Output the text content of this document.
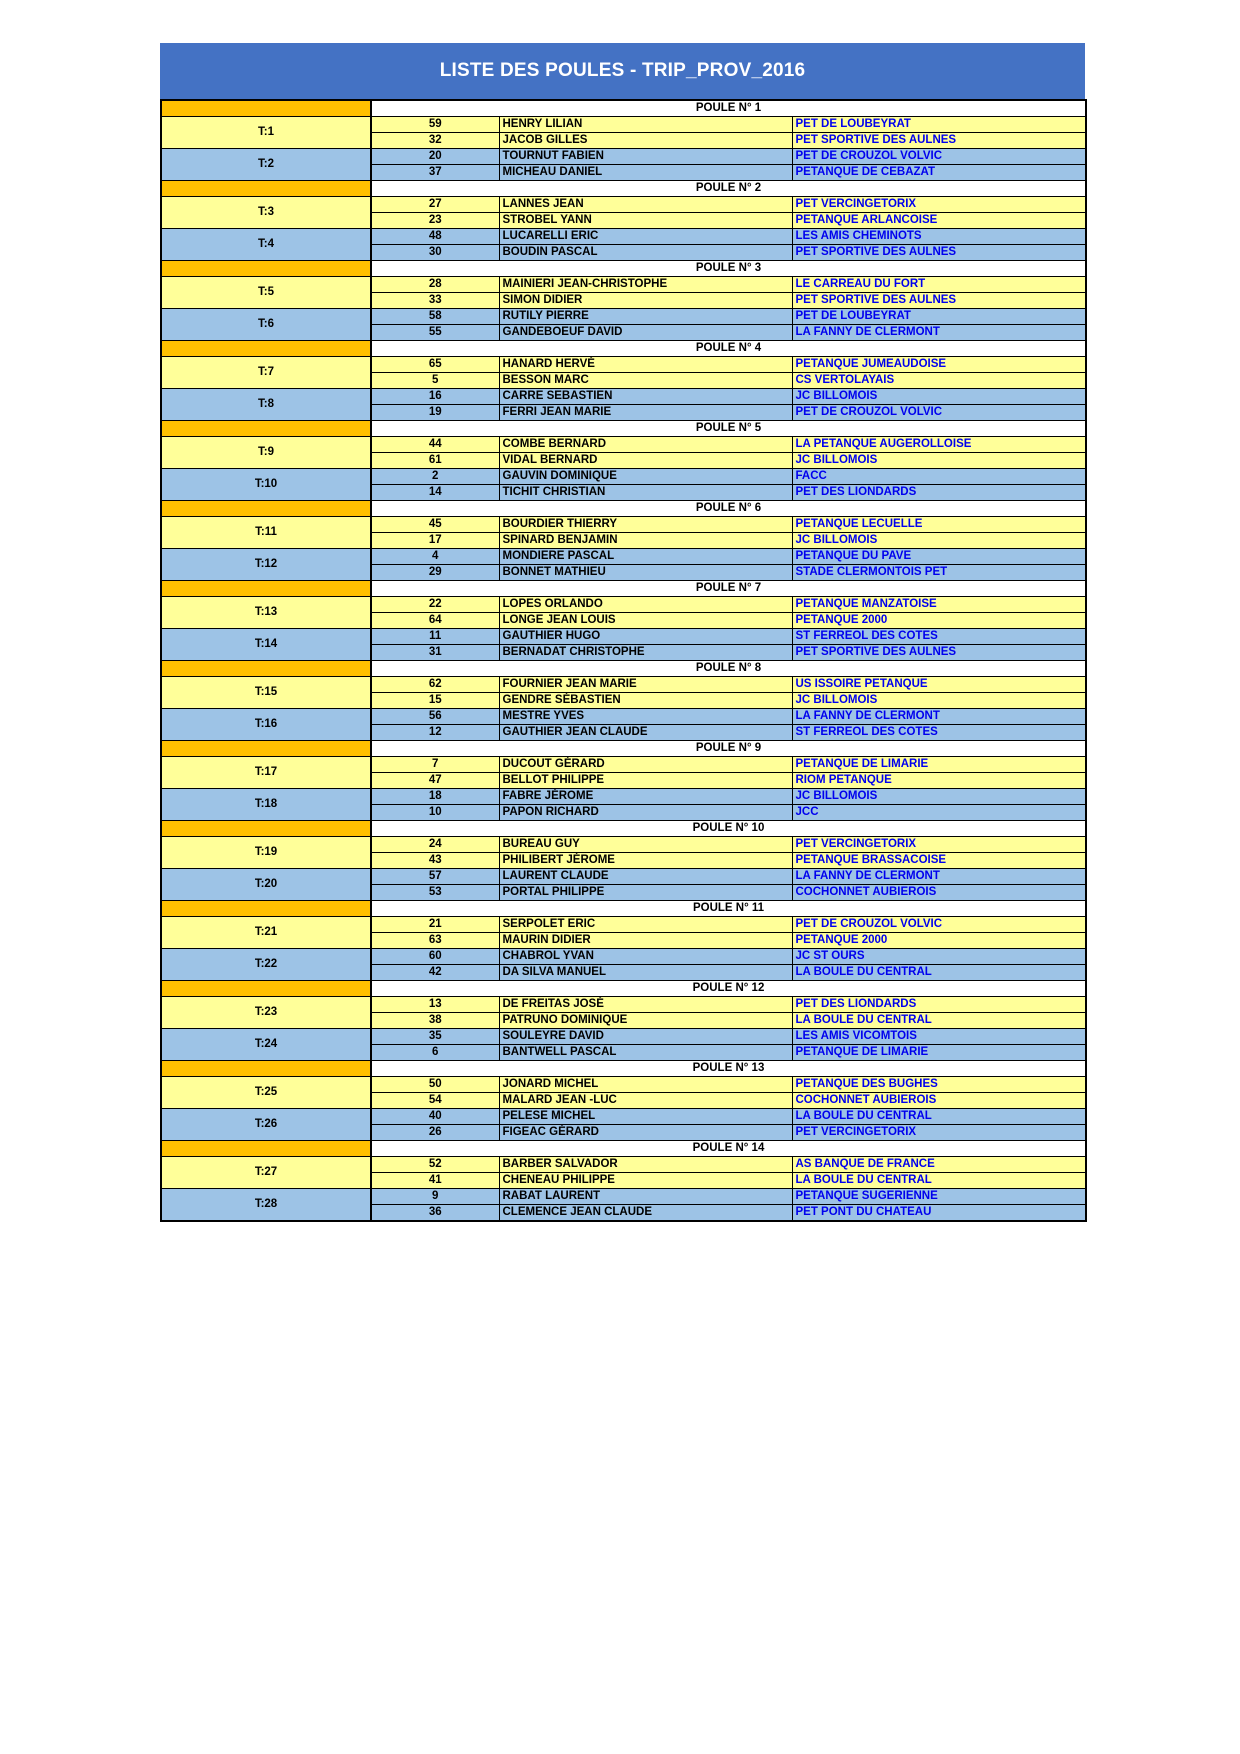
LISTE DES POULES - TRIP_PROV_2016
	POULE N° 1		
T:1	59	HENRY LILIAN	PET DE LOUBEYRAT
	32	JACOB GILLES	PET SPORTIVE DES AULNES
T:2	20	TOURNUT FABIEN	PET DE CROUZOL VOLVIC
	37	MICHEAU DANIEL	PETANQUE DE CEBAZAT
	POULE N° 2		
T:3	27	LANNES JEAN	PET VERCINGETORIX
	23	STROBEL YANN	PETANQUE ARLANCOISE
T:4	48	LUCARELLI ERIC	LES AMIS CHEMINOTS
	30	BOUDIN PASCAL	PET SPORTIVE DES AULNES
	POULE N° 3		
T:5	28	MAINIERI JEAN-CHRISTOPHE	LE CARREAU DU FORT
	33	SIMON DIDIER	PET SPORTIVE DES AULNES
T:6	58	RUTILY PIERRE	PET DE LOUBEYRAT
	55	GANDEBOEUF DAVID	LA FANNY DE CLERMONT
	POULE N° 4		
T:7	65	HANARD HERVÉ	PETANQUE JUMEAUDOISE
	5	BESSON MARC	CS VERTOLAYAIS
T:8	16	CARRE SEBASTIEN	JC BILLOMOIS
	19	FERRI JEAN MARIE	PET DE CROUZOL VOLVIC
	POULE N° 5		
T:9	44	COMBE BERNARD	LA PETANQUE AUGEROLLOISE
	61	VIDAL BERNARD	JC BILLOMOIS
T:10	2	GAUVIN DOMINIQUE	FACC
	14	TICHIT CHRISTIAN	PET DES LIONDARDS
	POULE N° 6		
T:11	45	BOURDIER THIERRY	PETANQUE LECUELLE
	17	SPINARD BENJAMIN	JC BILLOMOIS
T:12	4	MONDIERE PASCAL	PETANQUE DU PAVE
	29	BONNET MATHIEU	STADE CLERMONTOIS PET
	POULE N° 7		
T:13	22	LOPES ORLANDO	PETANQUE MANZATOISE
	64	LONGE JEAN LOUIS	PETANQUE 2000
T:14	11	GAUTHIER HUGO	ST FERREOL DES COTES
	31	BERNADAT CHRISTOPHE	PET SPORTIVE DES AULNES
	POULE N° 8		
T:15	62	FOURNIER JEAN MARIE	US ISSOIRE PETANQUE
	15	GENDRE SÉBASTIEN	JC BILLOMOIS
T:16	56	MESTRE YVES	LA FANNY DE CLERMONT
	12	GAUTHIER JEAN CLAUDE	ST FERREOL DES COTES
	POULE N° 9		
T:17	7	DUCOUT GÉRARD	PETANQUE DE LIMARIE
	47	BELLOT PHILIPPE	RIOM PETANQUE
T:18	18	FABRE JÉROME	JC BILLOMOIS
	10	PAPON RICHARD	JCC
	POULE N° 10		
T:19	24	BUREAU GUY	PET VERCINGETORIX
	43	PHILIBERT JÉROME	PETANQUE BRASSACOISE
T:20	57	LAURENT CLAUDE	LA FANNY DE CLERMONT
	53	PORTAL PHILIPPE	COCHONNET AUBIEROIS
	POULE N° 11		
T:21	21	SERPOLET ERIC	PET DE CROUZOL VOLVIC
	63	MAURIN DIDIER	PETANQUE 2000
T:22	60	CHABROL YVAN	JC ST OURS
	42	DA SILVA MANUEL	LA BOULE DU CENTRAL
	POULE N° 12		
T:23	13	DE FREITAS JOSÉ	PET DES LIONDARDS
	38	PATRUNO DOMINIQUE	LA BOULE DU CENTRAL
T:24	35	SOULEYRE DAVID	LES AMIS VICOMTOIS
	6	BANTWELL PASCAL	PETANQUE DE LIMARIE
	POULE N° 13		
T:25	50	JONARD MICHEL	PETANQUE DES BUGHES
	54	MALARD JEAN -LUC	COCHONNET AUBIEROIS
T:26	40	PELESE MICHEL	LA BOULE DU CENTRAL
	26	FIGEAC GÉRARD	PET VERCINGETORIX
	POULE N° 14		
T:27	52	BARBER SALVADOR	AS BANQUE DE FRANCE
	41	CHENEAU PHILIPPE	LA BOULE DU CENTRAL
T:28	9	RABAT LAURENT	PETANQUE SUGERIENNE
	36	CLEMENCE JEAN CLAUDE	PET PONT DU CHATEAU
